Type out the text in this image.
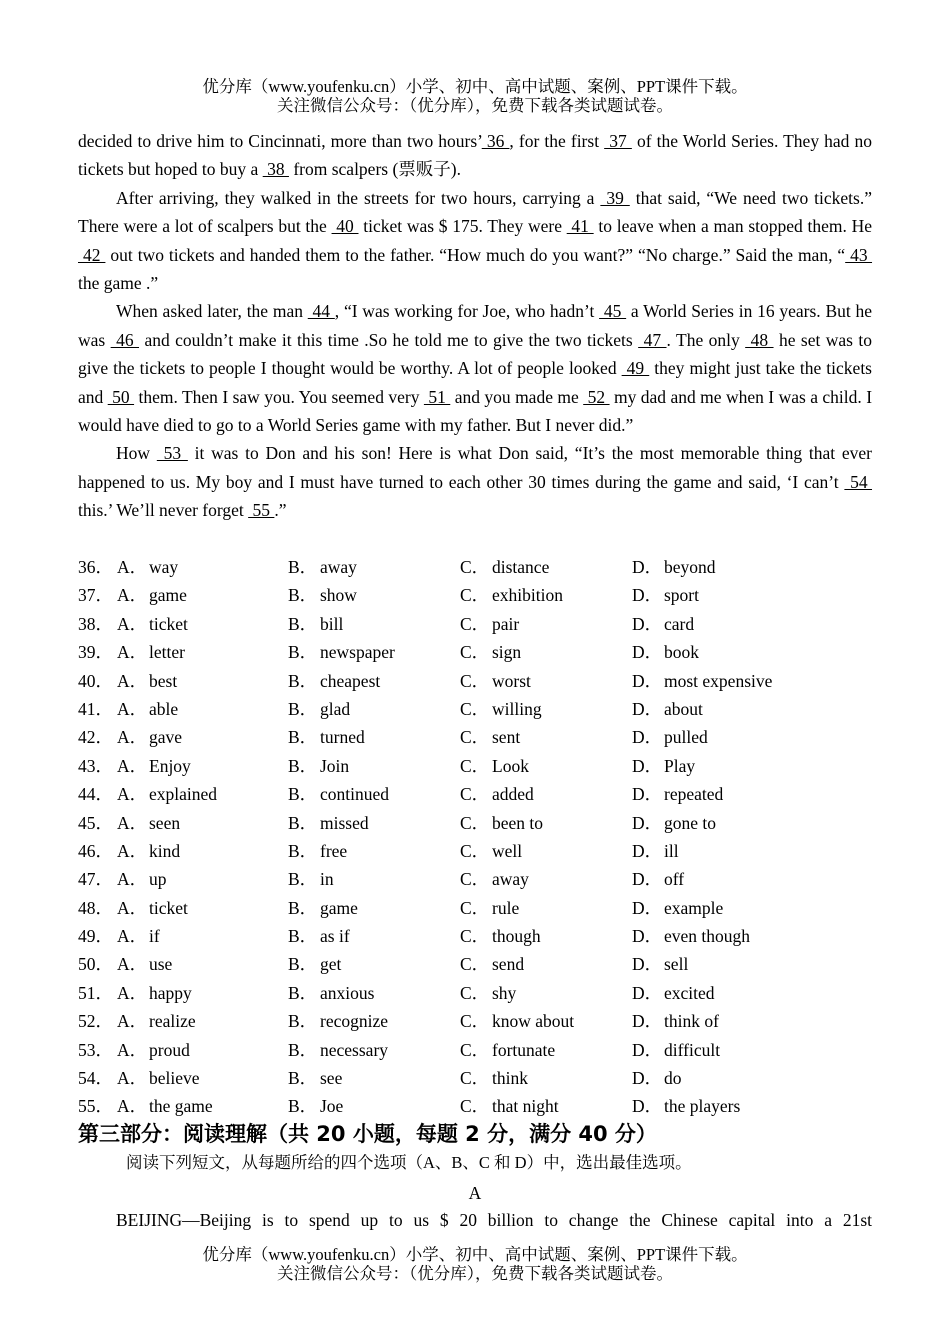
优分库（www.youfenku.cn）小学、初中、高中试题、案例、PPT课件下载。
关注微信公众号：（优分库），免费下载各类试题试卷。

decided to drive him to Cincinnati, more than two hours’ 36 , for the first  37  of the World Series. They had no tickets but hoped to buy a  38  from scalpers (票贩子).

After arriving, they walked in the streets for two hours, carrying a  39  that said, “We need two tickets.” There were a lot of scalpers but the  40  ticket was $ 175. They were  41  to leave when a man stopped them. He  42  out two tickets and handed them to the father. “How much do you want?” “No charge.” Said the man, “ 43  the game .”

When asked later, the man  44 , “I was working for Joe, who hadn’t  45  a World Series in 16 years. But he was  46  and couldn’t make it this time .So he told me to give the two tickets  47 . The only  48  he set was to give the tickets to people I thought would be worthy. A lot of people looked  49  they might just take the tickets and  50  them. Then I saw you. You seemed very  51  and you made me  52  my dad and me when I was a child. I would have died to go to a World Series game with my father. But I never did.”

How  53  it was to Don and his son! Here is what Don said, “It’s the most memorable thing that ever happened to us. My boy and I must have turned to each other 30 times during the game and said, ‘I can’t  54  this.’ We’ll never forget  55 .”

36． A． way	B． away	C． distance	D． beyond
37． A． game	B． show	C． exhibition	D． sport
38． A． ticket	B． bill	C． pair	D． card
39． A． letter	B． newspaper	C． sign	D． book
40． A． best	B． cheapest	C． worst	D． most expensive
41． A． able	B． glad	C． willing	D． about
42． A． gave	B． turned	C． sent	D． pulled
43． A． Enjoy	B． Join	C． Look	D． Play
44． A． explained	B． continued	C． added	D． repeated
45． A． seen	B． missed	C． been to	D． gone to
46． A． kind	B． free	C． well	D． ill
47． A． up	B． in	C． away	D． off
48． A． ticket	B． game	C． rule	D． example
49． A． if	B． as if	C． though	D． even though
50． A． use	B． get	C． send	D． sell
51． A． happy	B． anxious	C． shy	D． excited
52． A． realize	B． recognize	C． know about	D． think of
53． A． proud	B． necessary	C． fortunate	D． difficult
54． A． believe	B． see	C． think	D． do
55． A． the game	B． Joe	C． that night	D． the players
第三部分：阅读理解（共 20 小题，每题 2 分，满分 40 分）
阅读下列短文，从每题所给的四个选项（A、B、C 和 D）中，选出最佳选项。
A
BEIJING—Beijing is to spend up to us $ 20 billion to change the Chinese capital into a 21st
优分库（www.youfenku.cn）小学、初中、高中试题、案例、PPT课件下载。
关注微信公众号：（优分库），免费下载各类试题试卷。
